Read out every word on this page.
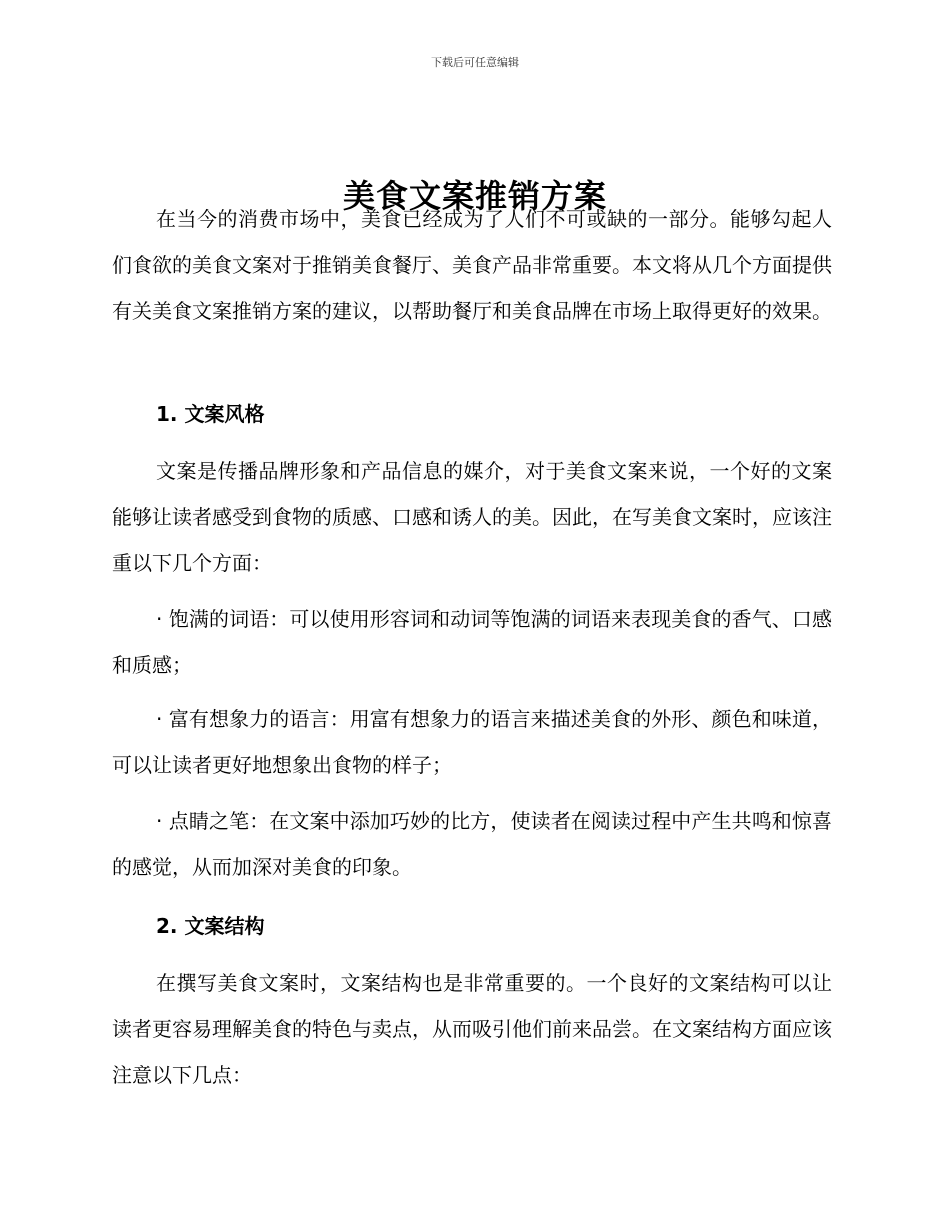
下载后可任意编辑
美食文案推销方案

在当今的消费市场中，美食已经成为了人们不可或缺的一部分。能够勾起人们食欲的美食文案对于推销美食餐厅、美食产品非常重要。本文将从几个方面提供有关美食文案推销方案的建议，以帮助餐厅和美食品牌在市场上取得更好的效果。

1. 文案风格

文案是传播品牌形象和产品信息的媒介，对于美食文案来说，一个好的文案能够让读者感受到食物的质感、口感和诱人的美。因此，在写美食文案时，应该注重以下几个方面：

· 饱满的词语：可以使用形容词和动词等饱满的词语来表现美食的香气、口感和质感；

· 富有想象力的语言：用富有想象力的语言来描述美食的外形、颜色和味道，可以让读者更好地想象出食物的样子；

· 点睛之笔：在文案中添加巧妙的比方，使读者在阅读过程中产生共鸣和惊喜的感觉，从而加深对美食的印象。

2. 文案结构

在撰写美食文案时，文案结构也是非常重要的。一个良好的文案结构可以让读者更容易理解美食的特色与卖点，从而吸引他们前来品尝。在文案结构方面应该注意以下几点：
